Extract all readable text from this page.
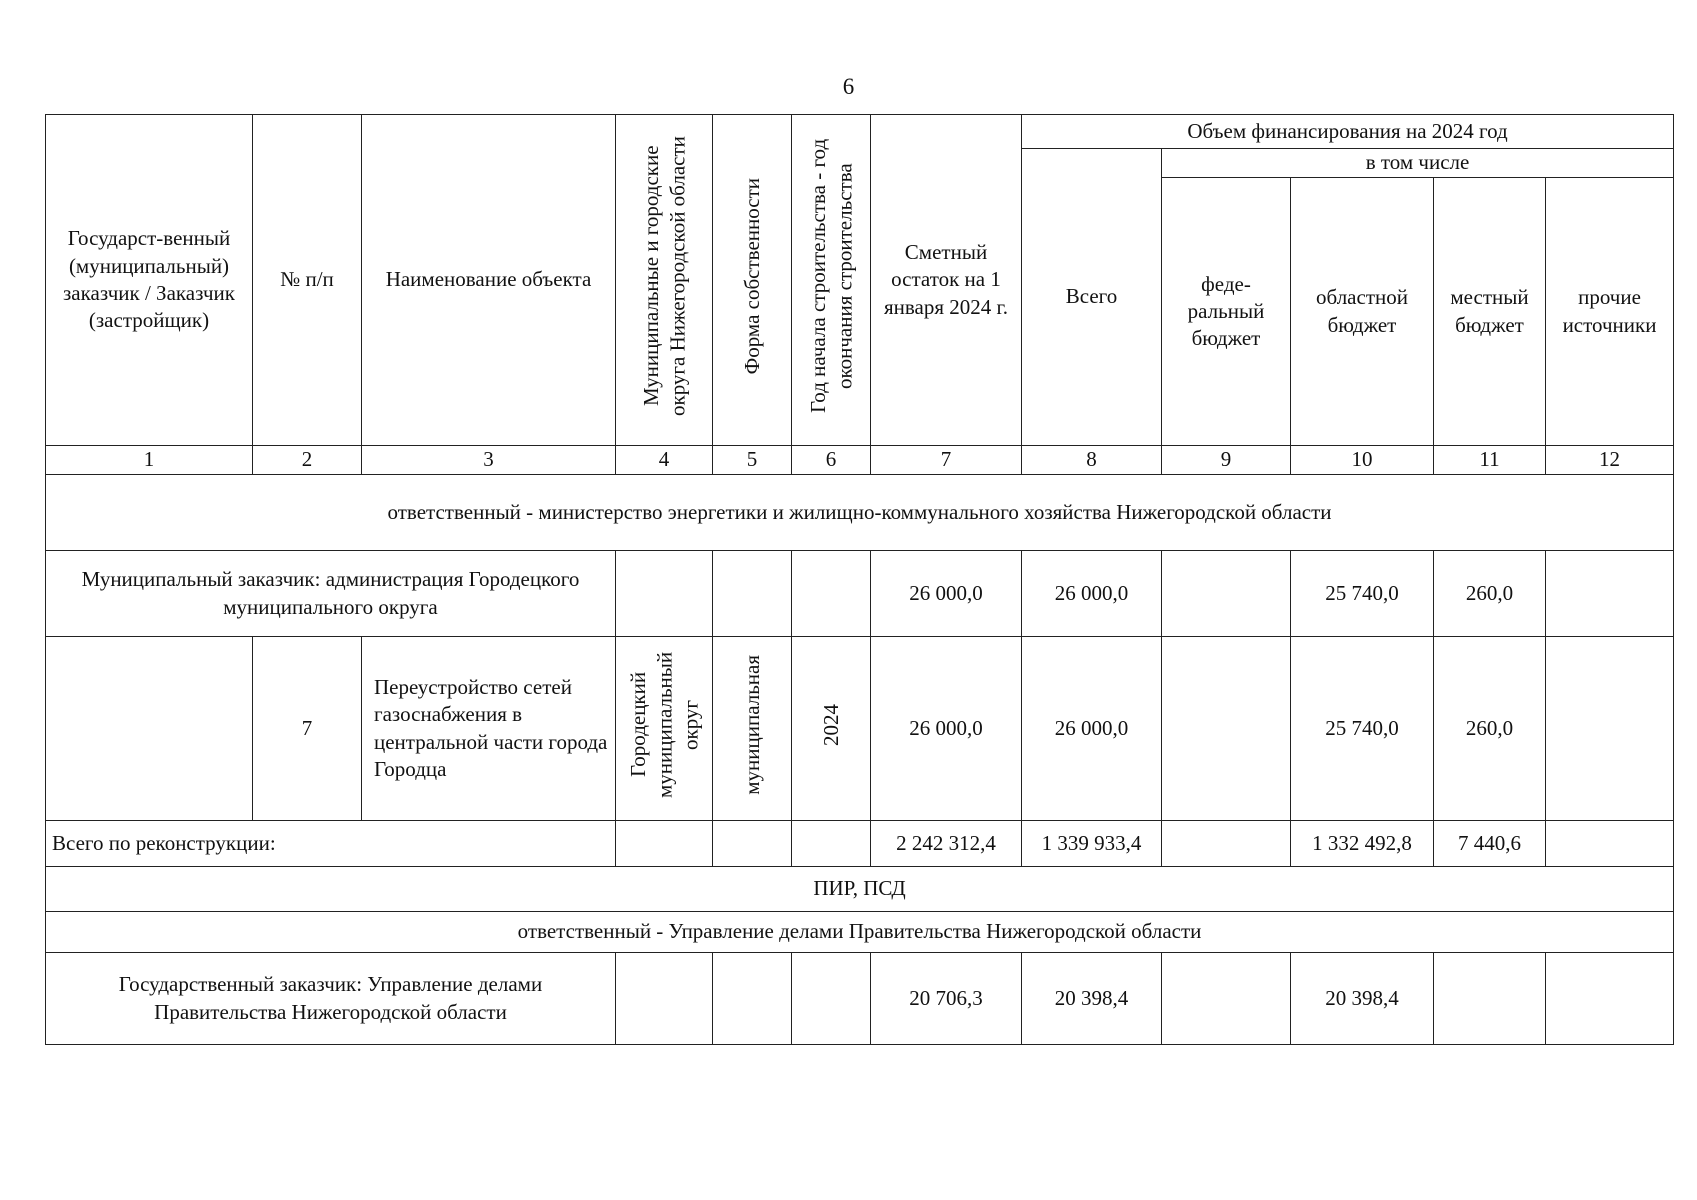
6
Государст-венный (муниципальный) заказчик / Заказчик (застройщик)	№ п/п	Наименование объекта	Муниципальные и городские округа Нижегородской области	Форма собственности	Год начала строительства - год окончания строительства	Сметный остаток на 1 января 2024 г.	Объем финансирования на 2024 год				
							Всего	в том числе			
								феде-ральный бюджет	областной бюджет	местный бюджет	прочие источники
1	2	3	4	5	6	7	8	9	10	11	12
ответственный - министерство энергетики и жилищно-коммунального хозяйства Нижегородской области											
Муниципальный заказчик: администрация Городецкого муниципального округа						26 000,0	26 000,0		25 740,0	260,0	
	7	Переустройство сетей газоснабжения в центральной части города Городца	Городецкий муниципальный округ	муниципальная	2024	26 000,0	26 000,0		25 740,0	260,0	
Всего по реконструкции:						2 242 312,4	1 339 933,4		1 332 492,8	7 440,6	
ПИР, ПСД											
ответственный - Управление делами Правительства Нижегородской области											
Государственный заказчик: Управление делами Правительства Нижегородской области						20 706,3	20 398,4		20 398,4		
